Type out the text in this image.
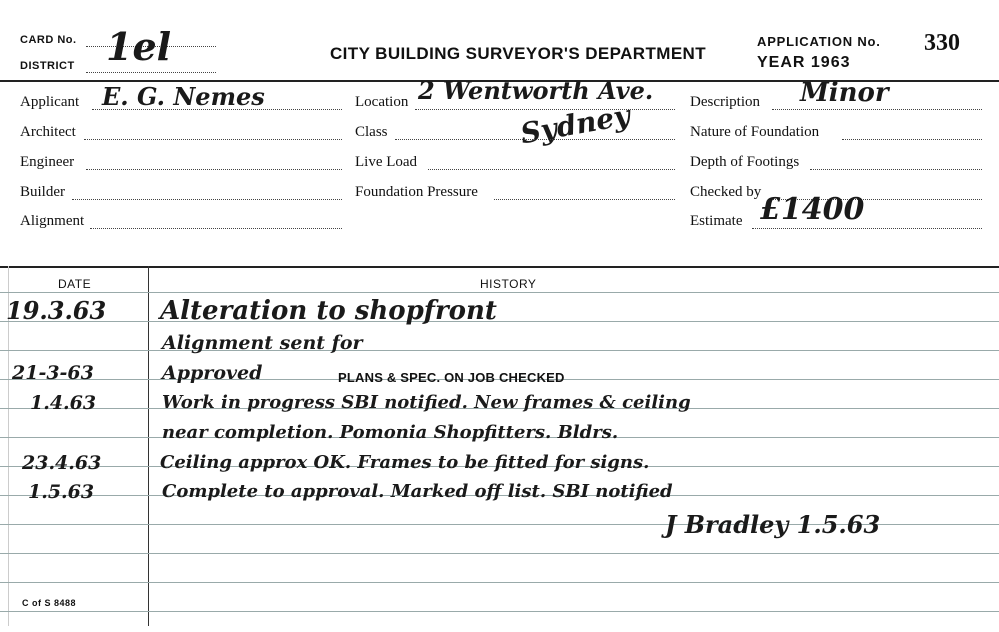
CARD No.
DISTRICT 1el	CITY BUILDING SURVEYOR'S DEPARTMENT
APPLICATION No. 330
YEAR 1963
Applicant E. G. Nemes
Architect
Engineer
Builder
Alignment
Location 2 Wentworth Ave.
Sydney
Class
Live Load
Foundation Pressure
Description Minor
Nature of Foundation
Depth of Footings
Checked by
Estimate £1400
DATE	HISTORY
19.3.63 Alteration to shopfront
Alignment sent for
21-3-63	Approved	PLANS & SPEC. ON JOB CHECKED
1.4.63	Work in progress SBI notified. New frames & ceiling
near completion. Pomonia Shopfitters. Bldrs.
23.4.63	Ceiling approx OK. Frames to be fitted for signs.
1.5.63	Complete to approval. Marked off list. SBI notified
J Bradley 1.5.63
C of S 8488
